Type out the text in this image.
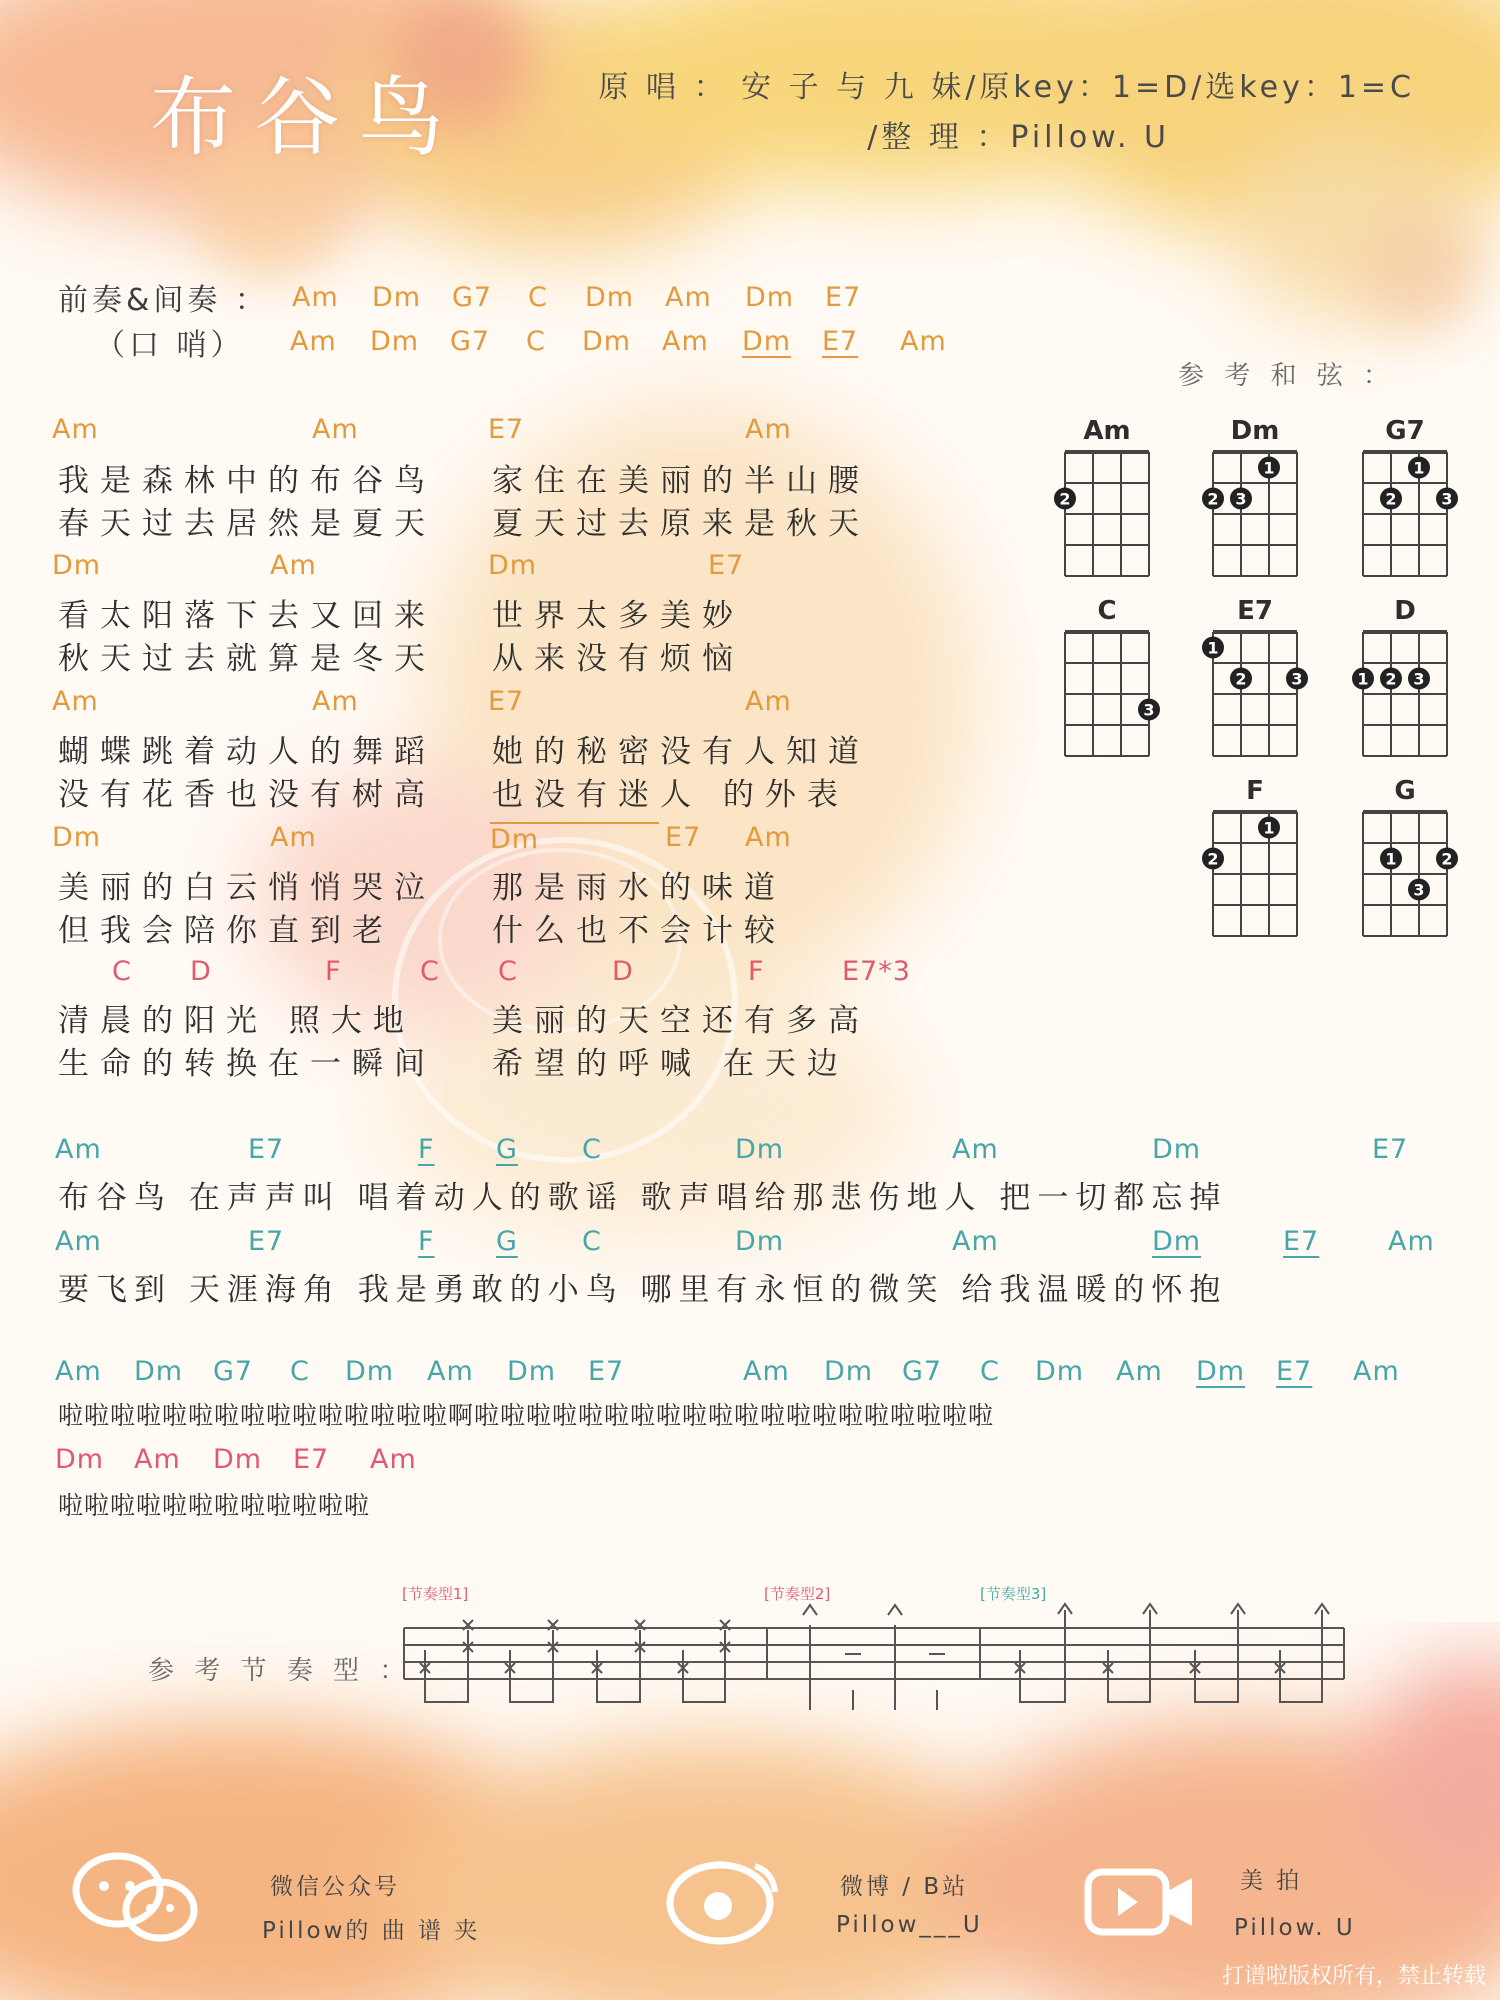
布谷鸟	原 唱 ： 安 子 与 九 妹/原key：1=D/选key：1=C
/整 理 ：Pillow. U
前奏&间奏 ：
（口 哨）
Am Dm G7 C Dm Am Dm E7
Am Dm G7 C Dm Am Dm E7 Am
参 考 和 弦 ：
Am
2
Dm
2 3
1
G7
2
1
3
C
3
E7
1
2	3
D
1 2 3
F
2
1
G
1
3
2
Am	Am	E7	Am
我是森林中的布谷鸟 家住在美丽的半山腰
春天过去居然是夏天 夏天过去原来是秋天
Dm	Am	Dm	E7
看太阳落下去又回来 世界太多美妙
秋天过去就算是冬天 从来没有烦恼
Am	Am	E7	Am
蝴蝶跳着动人的舞蹈 她的秘密没有人知道
没有花香也没有树高 也没有迷人 的外表
Dm	Am	Dm	E7 Am
美丽的白云悄悄哭泣 那是雨水的味道
但我会陪你直到老	什么也不会计较
C D	F	C C	D	F	E7*3
清晨的阳光 照大地 美丽的天空还有多高
生命的转换在一瞬间 希望的呼喊 在天边
Am	E7	F	G C	Dm	Am	Dm	E7
布谷鸟 在声声叫 唱着动人的歌谣 歌声唱给那悲伤地人 把一切都忘掉
Am	E7	F	G C	Dm	Am	Dm	E7	Am
要飞到 天涯海角 我是勇敢的小鸟 哪里有永恒的微笑 给我温暖的怀抱
Am Dm G7 C Dm Am Dm E7	Am Dm G7 C Dm Am Dm E7 Am
啦啦啦啦啦啦啦啦啦啦啦啦啦啦啦啊啦啦啦啦啦啦啦啦啦啦啦啦啦啦啦啦啦啦啦啦
Dm Am Dm E7 Am
啦啦啦啦啦啦啦啦啦啦啦啦
参 考 节 奏 型 ：
[节奏型1]	[节奏型2]	[节奏型3]
微信公众号
Pillow的 曲 谱 夹
微博 / B站
Pillow___U
美 拍
Pillow. U
打谱啦版权所有，禁止转载
